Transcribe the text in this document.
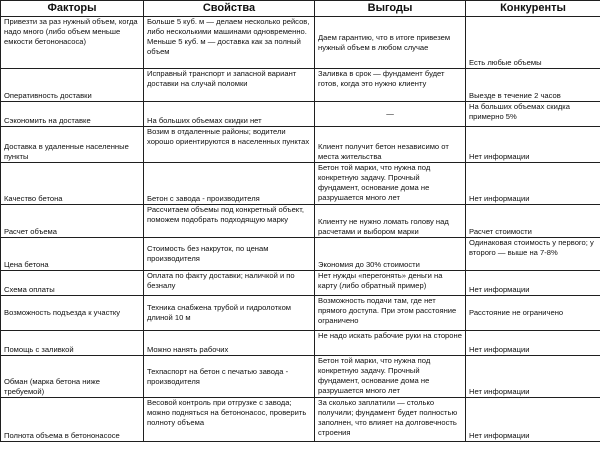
Факторы	Свойства	Выгоды	Конкуренты
Привезти за раз нужный объем, когда надо много (либо объем меньше емкости бетононасоса)	Больше 5 куб. м — делаем несколько рейсов, либо несколькими машинами одновременно. Меньше 5 куб. м — доставка как за полный объем	Даем гарантию, что в итоге привезем нужный объем в любом случае	Есть любые объемы
Оперативность доставки	Исправный транспорт и запасной вариант доставки на случай поломки	Заливка в срок — фундамент будет готов, когда это нужно клиенту	Выезде в течение 2 часов
Сэкономить на доставке	На больших объемах скидки нет	—	На больших объемах скидка примерно 5%
Доставка в удаленные населенные пункты	Возим в отдаленные районы; водители хорошо ориентируются в населенных пунктах	Клиент получит бетон независимо от места жительства	Нет информации
Качество бетона	Бетон с завода - производителя	Бетон той марки, что нужна под конкретную задачу. Прочный фундамент, основание дома не разрушается много лет	Нет информации
Расчет объема	Рассчитаем объемы под конкретный объект, поможем подобрать подходящую марку	Клиенту не нужно ломать голову над расчетами и выбором марки	Расчет стоимости
Цена бетона	Стоимость без накруток, по ценам производителя	Экономия до 30% стоимости	Одинаковая стоимость у первого; у второго — выше на 7-8%
Схема оплаты	Оплата по факту доставки; наличкой и по безналу	Нет нужды «перегонять» деньги на карту (либо обратный пример)	Нет информации
Возможность подъезда к участку	Техника снабжена трубой и гидролотком длиной 10 м	Возможность подачи там, где нет прямого доступа. При этом расстояние ограничено	Расстояние не ограничено
Помощь с заливкой	Можно нанять рабочих	Не надо искать рабочие руки на стороне	Нет информации
Обман (марка бетона ниже требуемой)	Техпаспорт на бетон с печатью завода - производителя	Бетон той марки, что нужна под конкретную задачу. Прочный фундамент, основание дома не разрушается много лет	Нет информации
Полнота объема в бетононасосе	Весовой контроль при отгрузке с завода; можно подняться на бетононасос, проверить полноту объема	За сколько заплатили — столько получили; фундамент будет полностью заполнен, что влияет на долговечность строения	Нет информации
